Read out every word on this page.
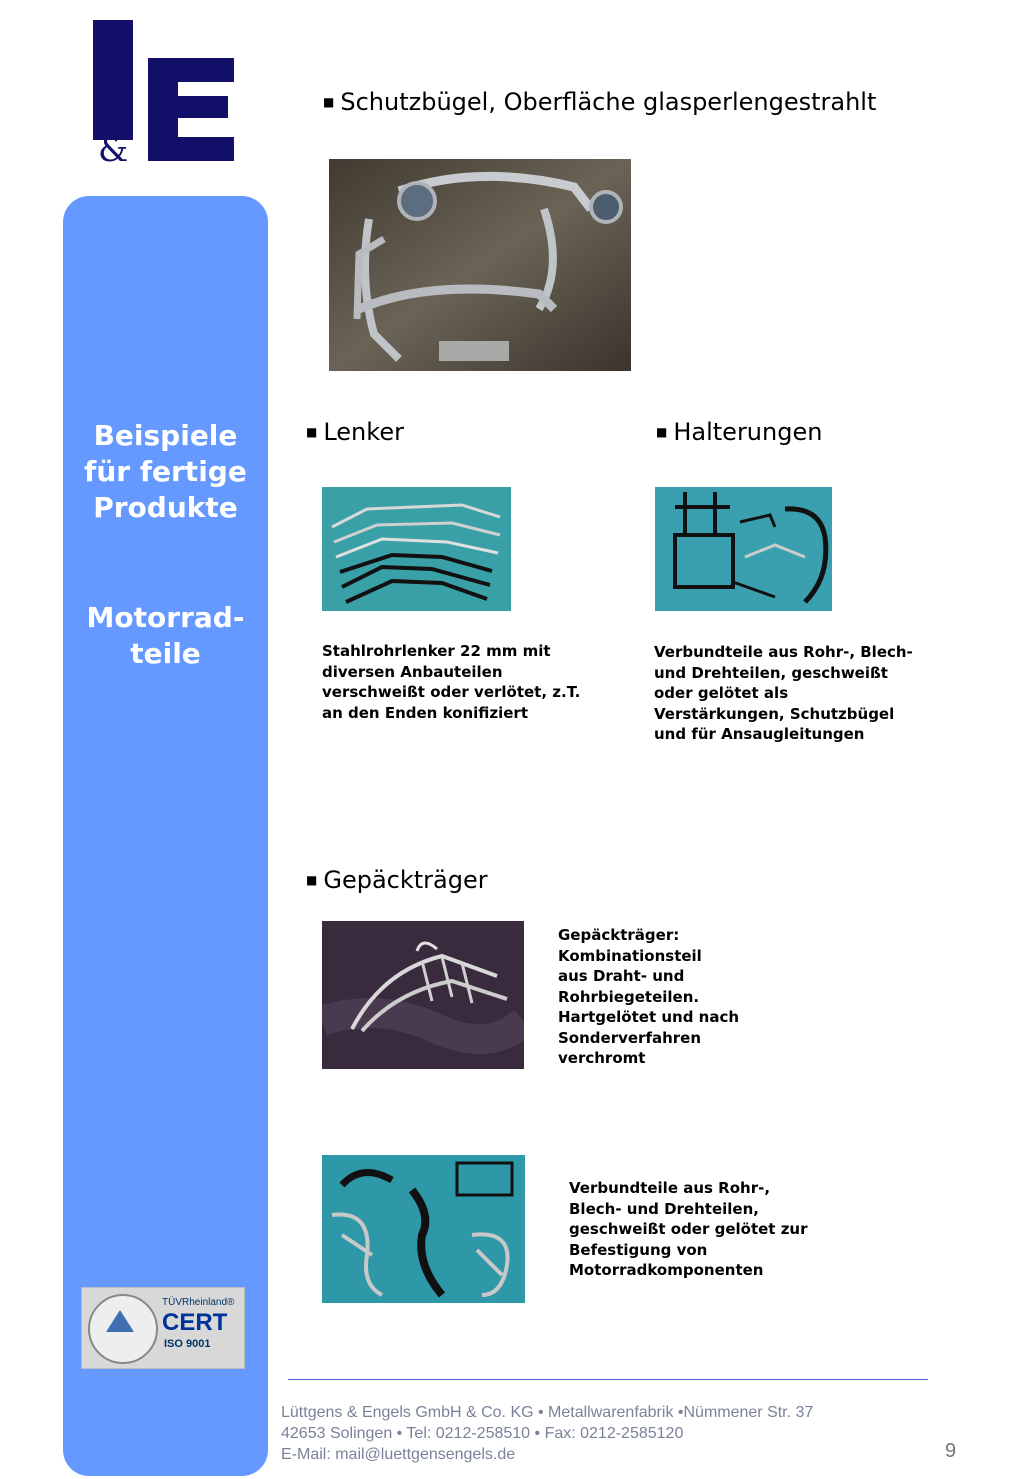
&
Beispiele
für fertige
Produkte
Motorrad-
teile
TÜVRheinland®
CERT
ISO 9001
■ Schutzbügel, Oberfläche glasperlengestrahlt
■ Lenker
Stahlrohrlenker 22 mm mit diversen Anbauteilen verschweißt oder verlötet, z.T. an den Enden konifiziert
■ Halterungen
Verbundteile aus Rohr-, Blech- und Drehteilen, geschweißt oder gelötet als Verstärkungen, Schutzbügel und für Ansaugleitungen
■ Gepäckträger
Gepäckträger:
Kombinationsteil
aus Draht- und
Rohrbiegeteilen.
Hartgelötet und nach
Sonderverfahren
verchromt
Verbundteile aus Rohr-,
Blech- und Drehteilen,
geschweißt oder gelötet zur
Befestigung von
Motorradkomponenten
Lüttgens & Engels GmbH & Co. KG • Metallwarenfabrik •Nümmener Str. 37
42653 Solingen • Tel: 0212-258510 • Fax: 0212-2585120
E-Mail: mail@luettgensengels.de	9
